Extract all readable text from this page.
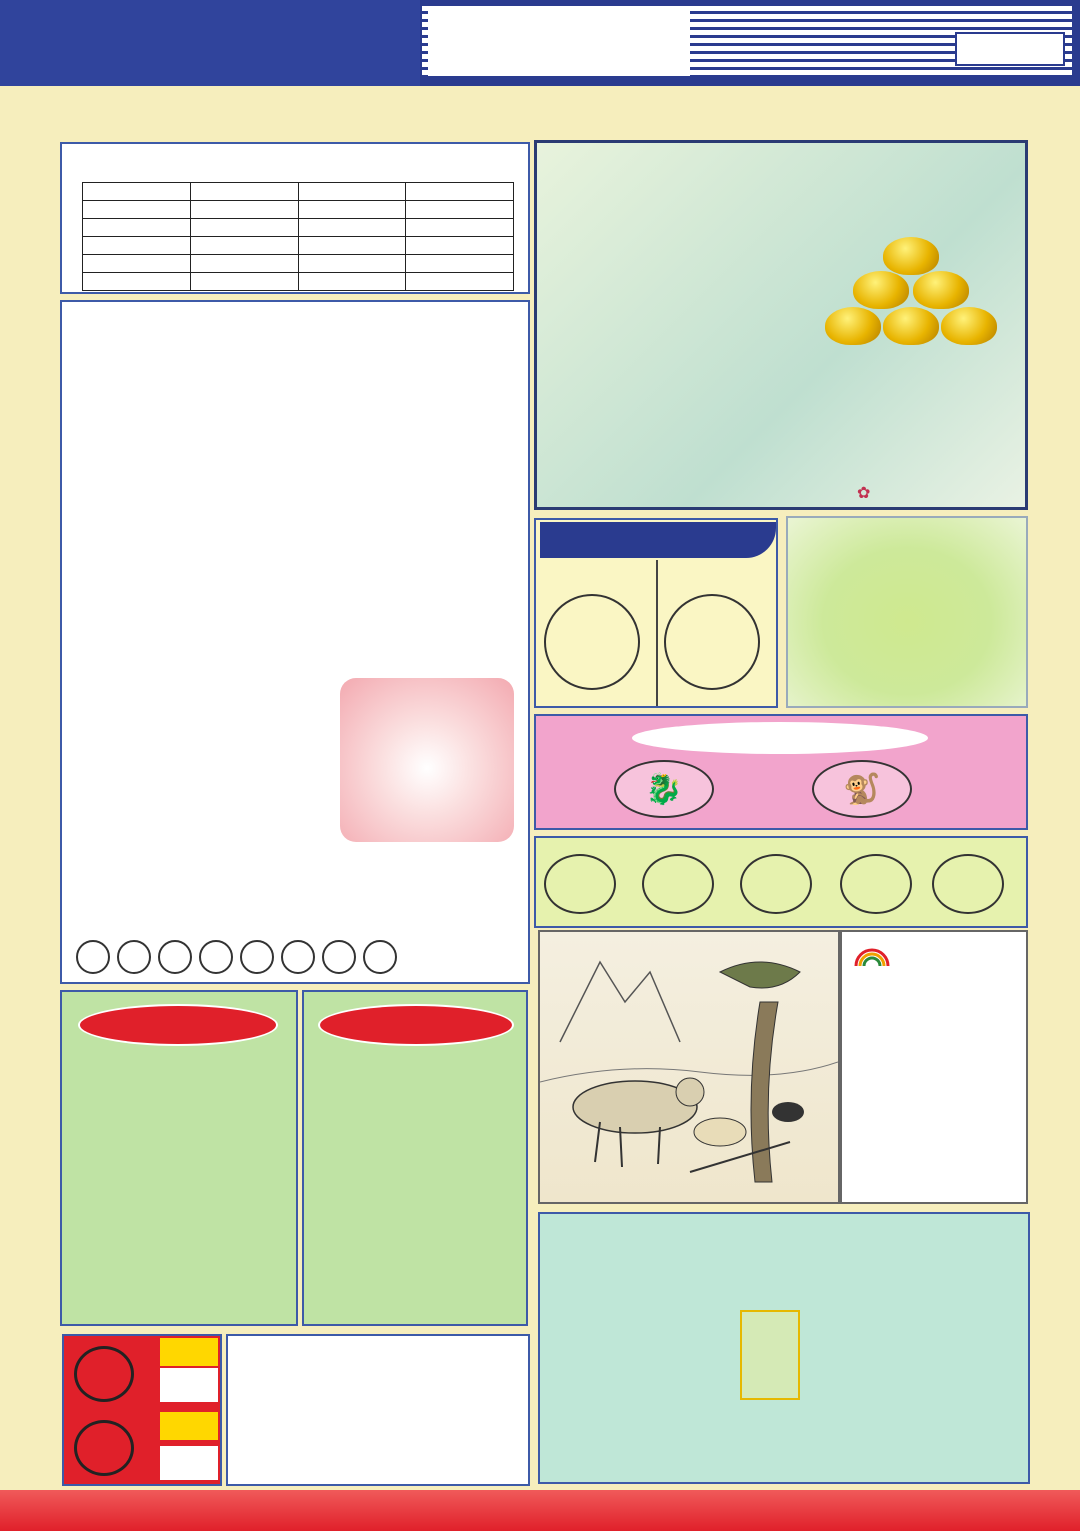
✿
🐉	🐒
